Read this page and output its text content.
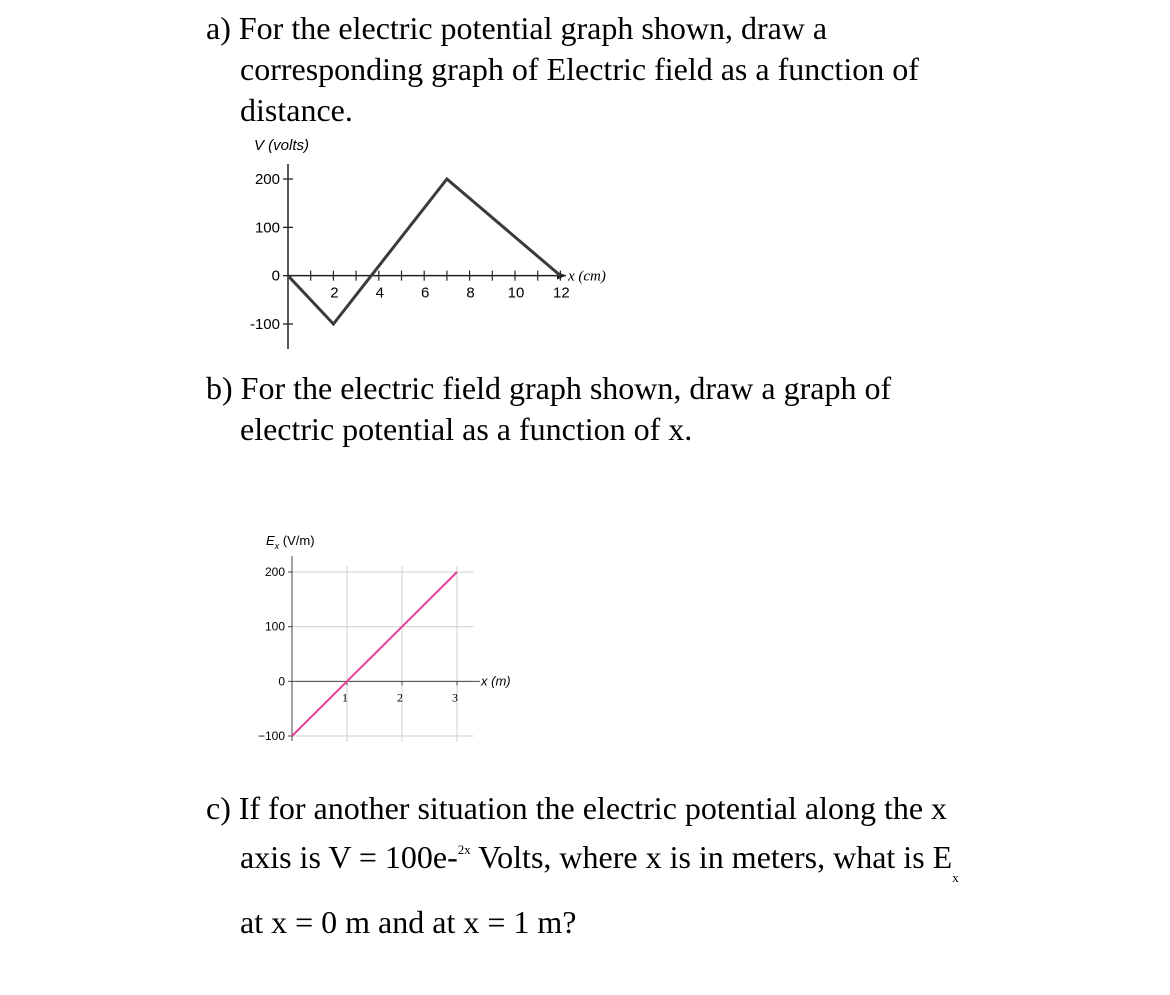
a) For the electric potential graph shown, draw a

corresponding graph of Electric field as a function of
distance.
V (volts)
x (cm)
200
100
0
-100
2 4 6 8 10 12
b) For the electric field graph shown, draw a graph of

electric potential as a function of x.
$E_x$ (V/m)
x (m)
200
100
0
−100
1	2	3
c) If for another situation the electric potential along the x

axis is V = 100e-$^{2x}$ Volts, where x is in meters, what is $E_x$
at x = 0 m and at x = 1 m?
